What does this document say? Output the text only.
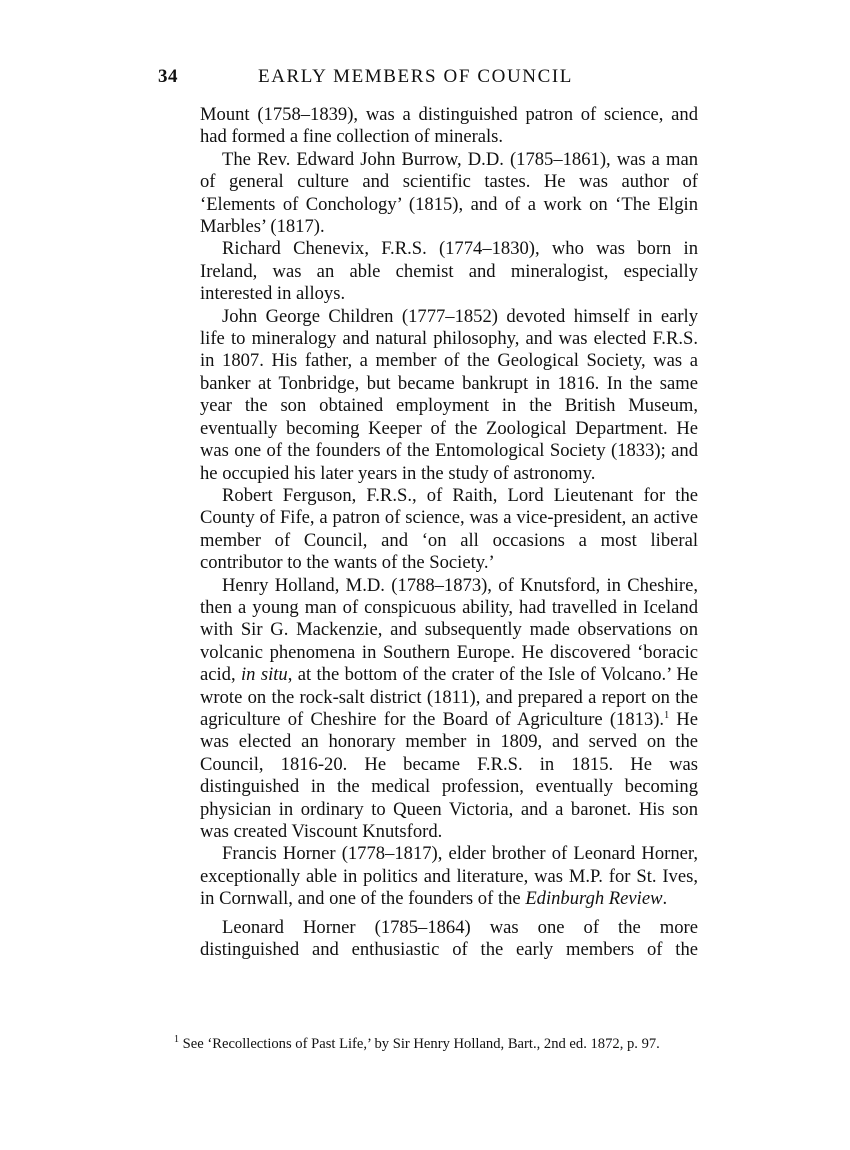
34	EARLY MEMBERS OF COUNCIL

Mount (1758–1839), was a distinguished patron of science, and had formed a fine collection of minerals.

The Rev. Edward John Burrow, D.D. (1785–1861), was a man of general culture and scientific tastes. He was author of ‘Elements of Conchology’ (1815), and of a work on ‘The Elgin Marbles’ (1817).

Richard Chenevix, F.R.S. (1774–1830), who was born in Ireland, was an able chemist and mineralogist, especially interested in alloys.

John George Children (1777–1852) devoted himself in early life to mineralogy and natural philosophy, and was elected F.R.S. in 1807. His father, a member of the Geological Society, was a banker at Tonbridge, but became bankrupt in 1816. In the same year the son obtained employment in the British Museum, eventually becoming Keeper of the Zoological Department. He was one of the founders of the Entomological Society (1833); and he occupied his later years in the study of astronomy.

Robert Ferguson, F.R.S., of Raith, Lord Lieutenant for the County of Fife, a patron of science, was a vice-president, an active member of Council, and ‘on all occasions a most liberal contributor to the wants of the Society.’

Henry Holland, M.D. (1788–1873), of Knutsford, in Cheshire, then a young man of conspicuous ability, had travelled in Iceland with Sir G. Mackenzie, and subsequently made observations on volcanic phenomena in Southern Europe. He discovered ‘boracic acid, in situ, at the bottom of the crater of the Isle of Volcano.’ He wrote on the rock-salt district (1811), and prepared a report on the agriculture of Cheshire for the Board of Agriculture (1813).$^1$ He was elected an honorary member in 1809, and served on the Council, 1816-20. He became F.R.S. in 1815. He was distinguished in the medical profession, eventually becoming physician in ordinary to Queen Victoria, and a baronet. His son was created Viscount Knutsford.

Francis Horner (1778–1817), elder brother of Leonard Horner, exceptionally able in politics and literature, was M.P. for St. Ives, in Cornwall, and one of the founders of the Edinburgh Review.

Leonard Horner (1785–1864) was one of the more distinguished and enthusiastic of the early members of the

$^1$ See ‘Recollections of Past Life,’ by Sir Henry Holland, Bart., 2nd ed. 1872, p. 97.
